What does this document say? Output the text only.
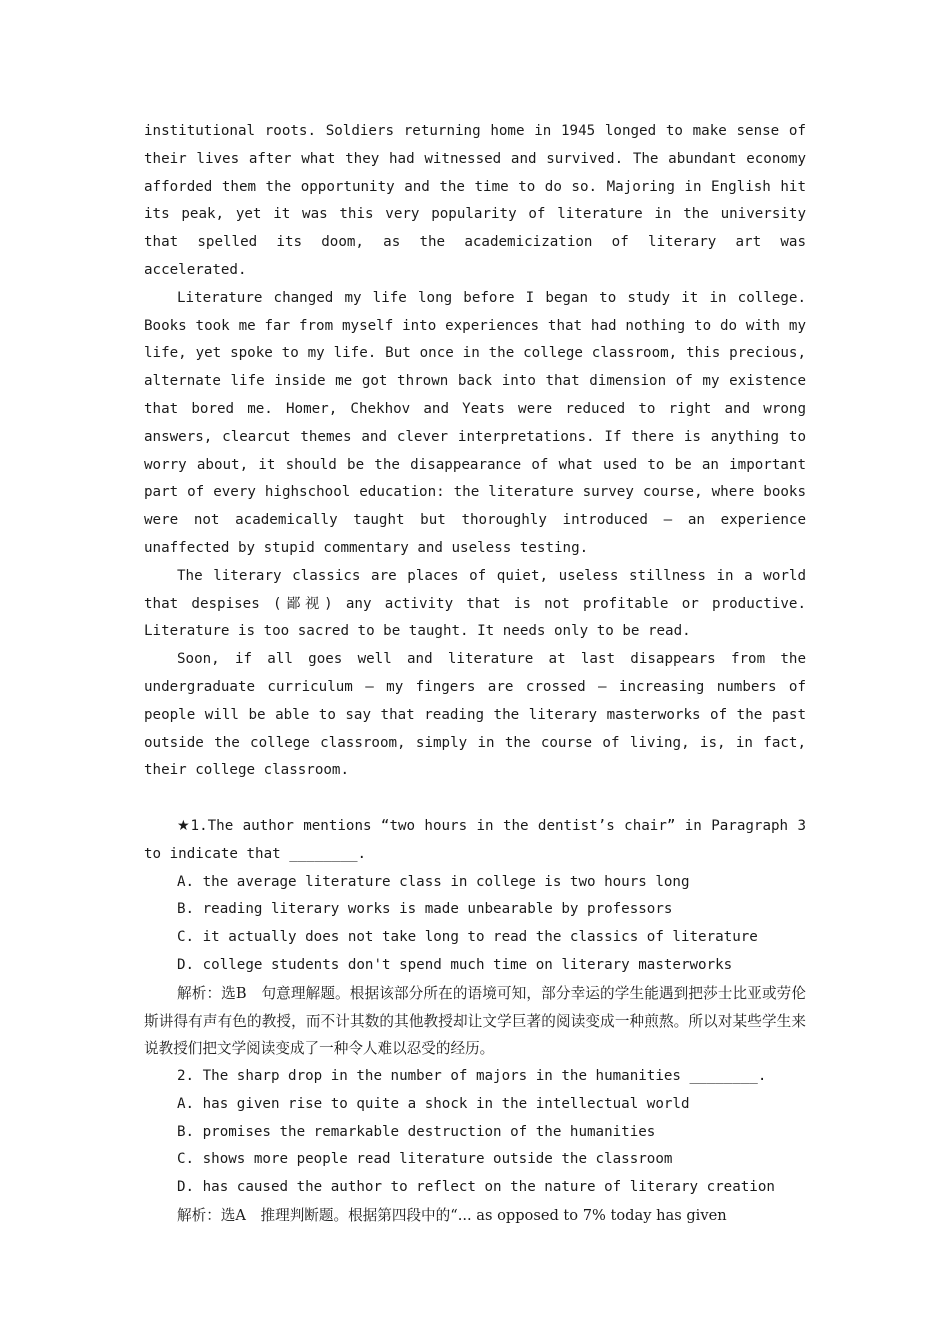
institutional roots. Soldiers returning home in 1945 longed to make sense of their lives after what they had witnessed and survived. The abundant economy afforded them the opportunity and the time to do so. Majoring in English hit its peak, yet it was this very popularity of literature in the university that spelled its doom, as the academicization of literary art was accelerated.

Literature changed my life long before I began to study it in college. Books took me far from myself into experiences that had nothing to do with my life, yet spoke to my life. But once in the college classroom, this precious, alternate life inside me got thrown back into that dimension of my existence that bored me. Homer, Chekhov and Yeats were reduced to right and wrong answers, clearcut themes and clever interpretations. If there is anything to worry about, it should be the disappearance of what used to be an important part of every highschool education: the literature survey course, where books were not academically taught but thoroughly introduced — an experience unaffected by stupid commentary and useless testing.

The literary classics are places of quiet, useless stillness in a world that despises (鄙视) any activity that is not profitable or productive. Literature is too sacred to be taught. It needs only to be read.

Soon, if all goes well and literature at last disappears from the undergraduate curriculum — my fingers are crossed — increasing numbers of people will be able to say that reading the literary masterworks of the past outside the college classroom, simply in the course of living, is, in fact, their college classroom.

★1.The author mentions “two hours in the dentist’s chair” in Paragraph 3 to indicate that ________.

A. the average literature class in college is two hours long

B. reading literary works is made unbearable by professors

C. it actually does not take long to read the classics of literature

D. college students don't spend much time on literary masterworks

解析：选B　句意理解题。根据该部分所在的语境可知，部分幸运的学生能遇到把莎士比亚或劳伦斯讲得有声有色的教授，而不计其数的其他教授却让文学巨著的阅读变成一种煎熬。所以对某些学生来说教授们把文学阅读变成了一种令人难以忍受的经历。

2. The sharp drop in the number of majors in the humanities ________.

A. has given rise to quite a shock in the intellectual world

B. promises the remarkable destruction of the humanities

C. shows more people read literature outside the classroom

D. has caused the author to reflect on the nature of literary creation

解析：选A　推理判断题。根据第四段中的“... as opposed to 7% today has given
